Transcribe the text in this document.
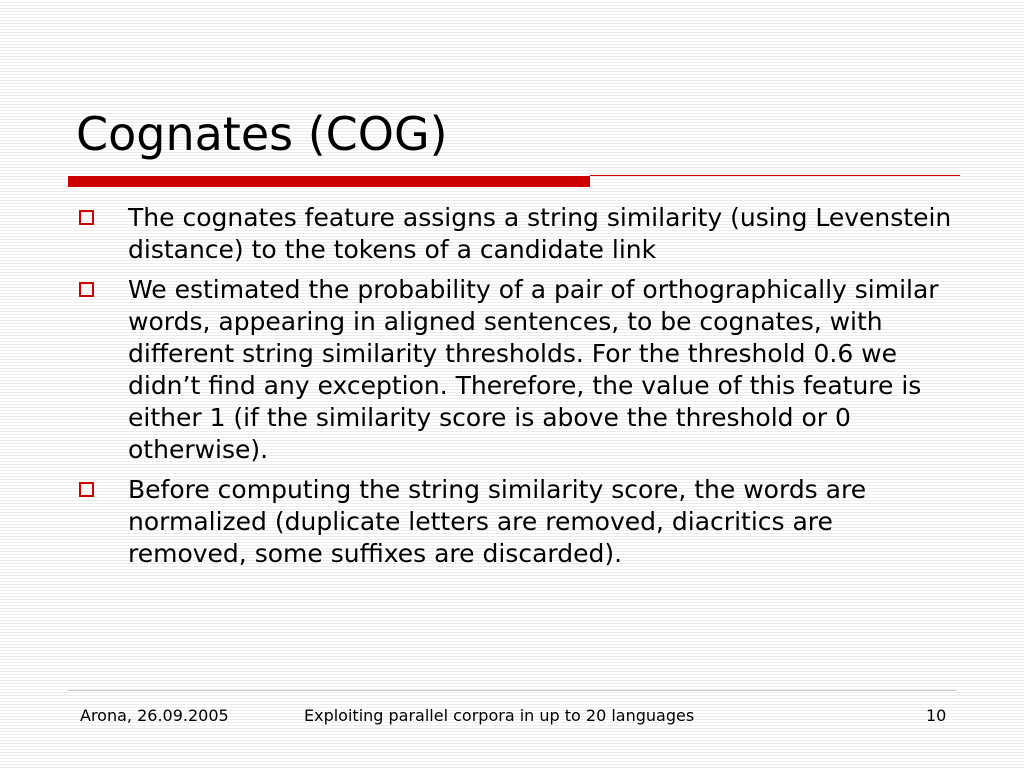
Cognates (COG)
The cognates feature assigns a string similarity (using Levenstein distance) to the tokens of a candidate link
We estimated the probability of a pair of orthographically similar words, appearing in aligned sentences, to be cognates, with different string similarity thresholds. For the threshold 0.6 we didn’t find any exception. Therefore, the value of this feature is either 1 (if the similarity score is above the threshold or 0 otherwise).
Before computing the string similarity score, the words are normalized (duplicate letters are removed, diacritics are removed, some suffixes are discarded).
Arona, 26.09.2005	Exploiting parallel corpora in up to 20 languages	10
